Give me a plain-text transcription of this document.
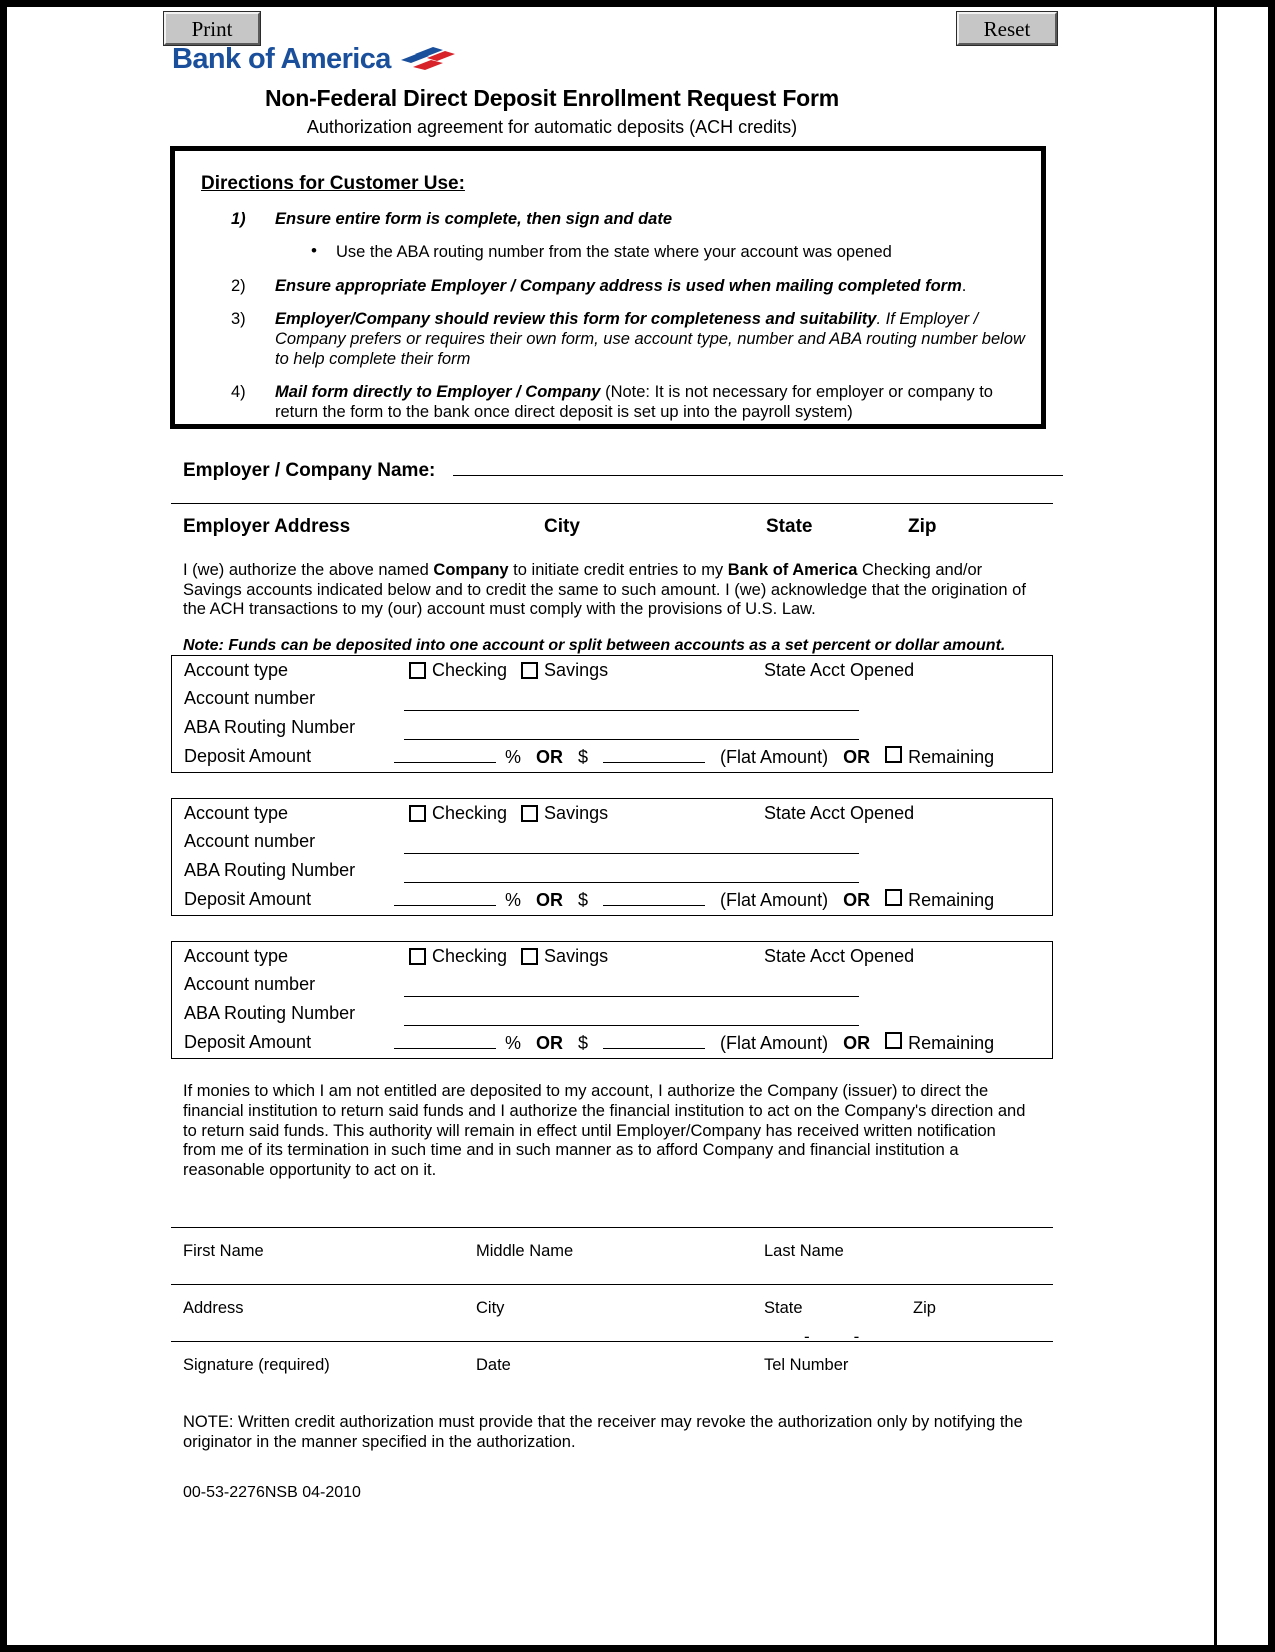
Print	Reset
Bank of America
Non-Federal Direct Deposit Enrollment Request Form
Authorization agreement for automatic deposits (ACH credits)
Directions for Customer Use:
1) Ensure entire form is complete, then sign and date
• Use the ABA routing number from the state where your account was opened
2) Ensure appropriate Employer / Company address is used when mailing completed form.
3) Employer/Company should review this form for completeness and suitability. If Employer / Company prefers or requires their own form, use account type, number and ABA routing number below to help complete their form
4) Mail form directly to Employer / Company (Note: It is not necessary for employer or company to return the form to the bank once direct deposit is set up into the payroll system)
Employer / Company Name:
Employer Address	City	State	Zip
I (we) authorize the above named Company to initiate credit entries to my Bank of America Checking and/or Savings accounts indicated below and to credit the same to such amount. I (we) acknowledge that the origination of the ACH transactions to my (our) account must comply with the provisions of U.S. Law.
Note: Funds can be deposited into one account or split between accounts as a set percent or dollar amount.
Account type	Checking Savings	State Acct Opened
Account number
ABA Routing Number
Deposit Amount	% OR $	(Flat Amount) OR Remaining
Account type	Checking Savings	State Acct Opened
Account number
ABA Routing Number
Deposit Amount	% OR $	(Flat Amount) OR Remaining
Account type	Checking Savings	State Acct Opened
Account number
ABA Routing Number
Deposit Amount	% OR $	(Flat Amount) OR Remaining
If monies to which I am not entitled are deposited to my account, I authorize the Company (issuer) to direct the financial institution to return said funds and I authorize the financial institution to act on the Company's direction and to return said funds. This authority will remain in effect until Employer/Company has received written notification from me of its termination in such time and in such manner as to afford Company and financial institution a reasonable opportunity to act on it.
First Name	Middle Name	Last Name
Address	City	State	Zip
--
Signature (required)	Date	Tel Number
NOTE: Written credit authorization must provide that the receiver may revoke the authorization only by notifying the originator in the manner specified in the authorization.
00-53-2276NSB 04-2010
